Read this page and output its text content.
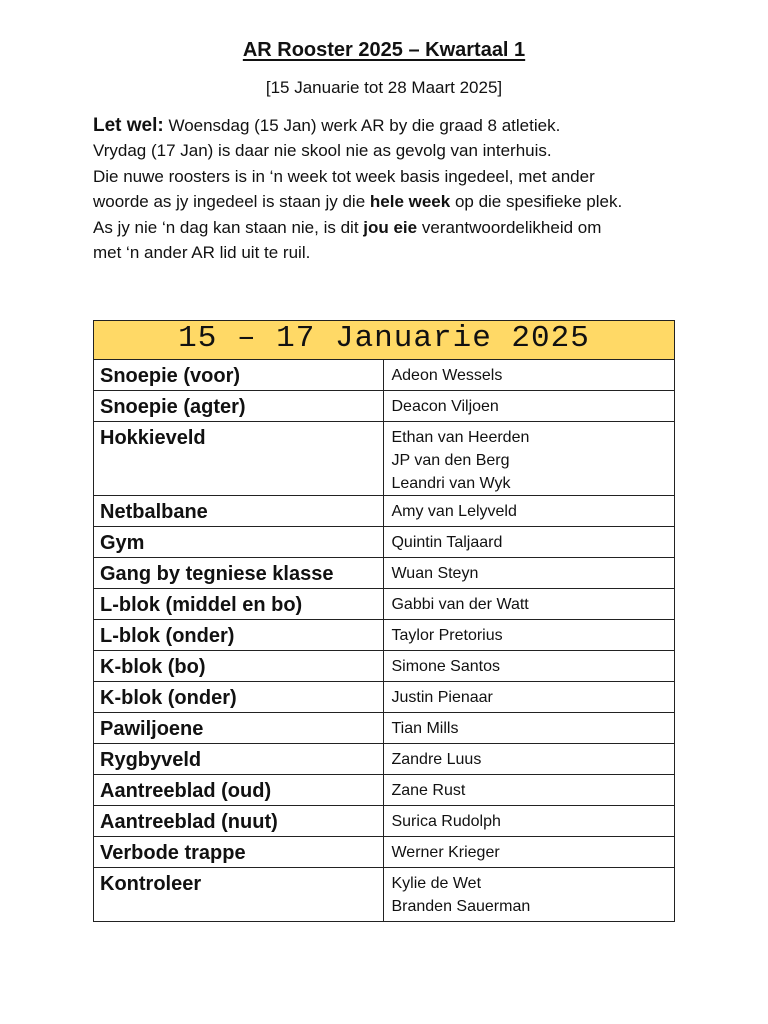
AR Rooster 2025 – Kwartaal 1
[15 Januarie tot 28 Maart 2025]

Let wel: Woensdag (15 Jan) werk AR by die graad 8 atletiek.

Vrydag (17 Jan) is daar nie skool nie as gevolg van interhuis.

Die nuwe roosters is in ‘n week tot week basis ingedeel, met ander

woorde as jy ingedeel is staan jy die hele week op die spesifieke plek.

As jy nie ‘n dag kan staan nie, is dit jou eie verantwoordelikheid om

met ‘n ander AR lid uit te ruil.

15 – 17 Januarie 2025	
Snoepie (voor)	Adeon Wessels

Snoepie (agter)	Deacon Viljoen

Hokkieveld	Ethan van Heerden
JP van den Berg
Leandri van Wyk

Netbalbane	Amy van Lelyveld

Gym	Quintin Taljaard

Gang by tegniese klasse	Wuan Steyn

L-blok (middel en bo)	Gabbi van der Watt

L-blok (onder)	Taylor Pretorius

K-blok (bo)	Simone Santos

K-blok (onder)	Justin Pienaar

Pawiljoene	Tian Mills

Rygbyveld	Zandre Luus

Aantreeblad (oud)	Zane Rust

Aantreeblad (nuut)	Surica Rudolph

Verbode trappe	Werner Krieger

Kontroleer	Kylie de Wet
Branden Sauerman
